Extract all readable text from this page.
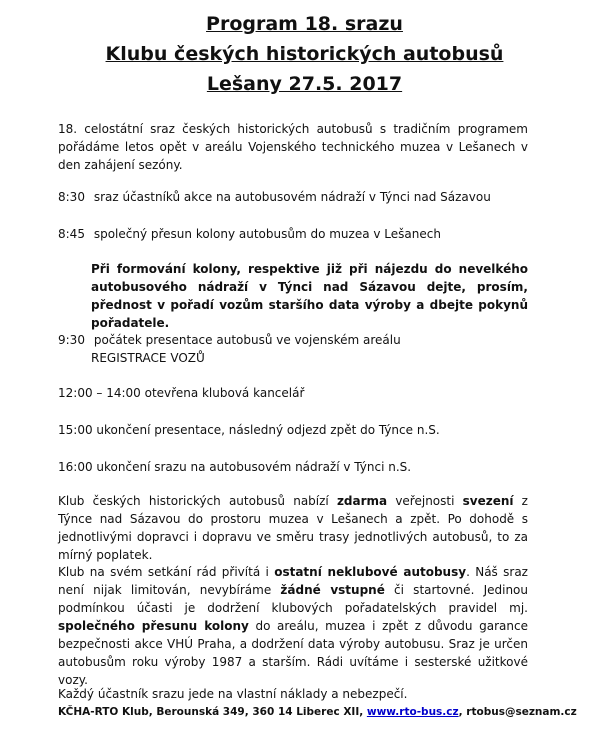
Program 18. srazu
Klubu českých historických autobusů
Lešany 27.5. 2017

18. celostátní sraz českých historických autobusů s tradičním programem pořádáme letos opět v areálu Vojenského technického muzea v Lešanech v den zahájení sezóny.

8:30 sraz účastníků akce na autobusovém nádraží v Týnci nad Sázavou
8:45 společný přesun kolony autobusům do muzea v Lešanech

Při formování kolony, respektive již při nájezdu do nevelkého autobusového nádraží v Týnci nad Sázavou dejte, prosím, přednost v pořadí vozům staršího data výroby a dbejte pokynů pořadatele.

9:30 počátek presentace autobusů ve vojenském areálu
REGISTRACE VOZŮ
12:00 – 14:00 otevřena klubová kancelář
15:00 ukončení presentace, následný odjezd zpět do Týnce n.S.
16:00 ukončení srazu na autobusovém nádraží v Týnci n.S.

Klub českých historických autobusů nabízí zdarma veřejnosti svezení z Týnce nad Sázavou do prostoru muzea v Lešanech a zpět. Po dohodě s jednotlivými dopravci i dopravu ve směru trasy jednotlivých autobusů, to za mírný poplatek.

Klub na svém setkání rád přivítá i ostatní neklubové autobusy. Náš sraz není nijak limitován, nevybíráme žádné vstupné či startovné. Jedinou podmínkou účasti je dodržení klubových pořadatelských pravidel mj. společného přesunu kolony do areálu, muzea i zpět z důvodu garance bezpečnosti akce VHÚ Praha, a dodržení data výroby autobusu. Sraz je určen autobusům roku výroby 1987 a starším. Rádi uvítáme i sesterské užitkové vozy.

Každý účastník srazu jede na vlastní náklady a nebezpečí.
KČHA-RTO Klub, Berounská 349, 360 14 Liberec XII, www.rto-bus.cz, rtobus@seznam.cz
